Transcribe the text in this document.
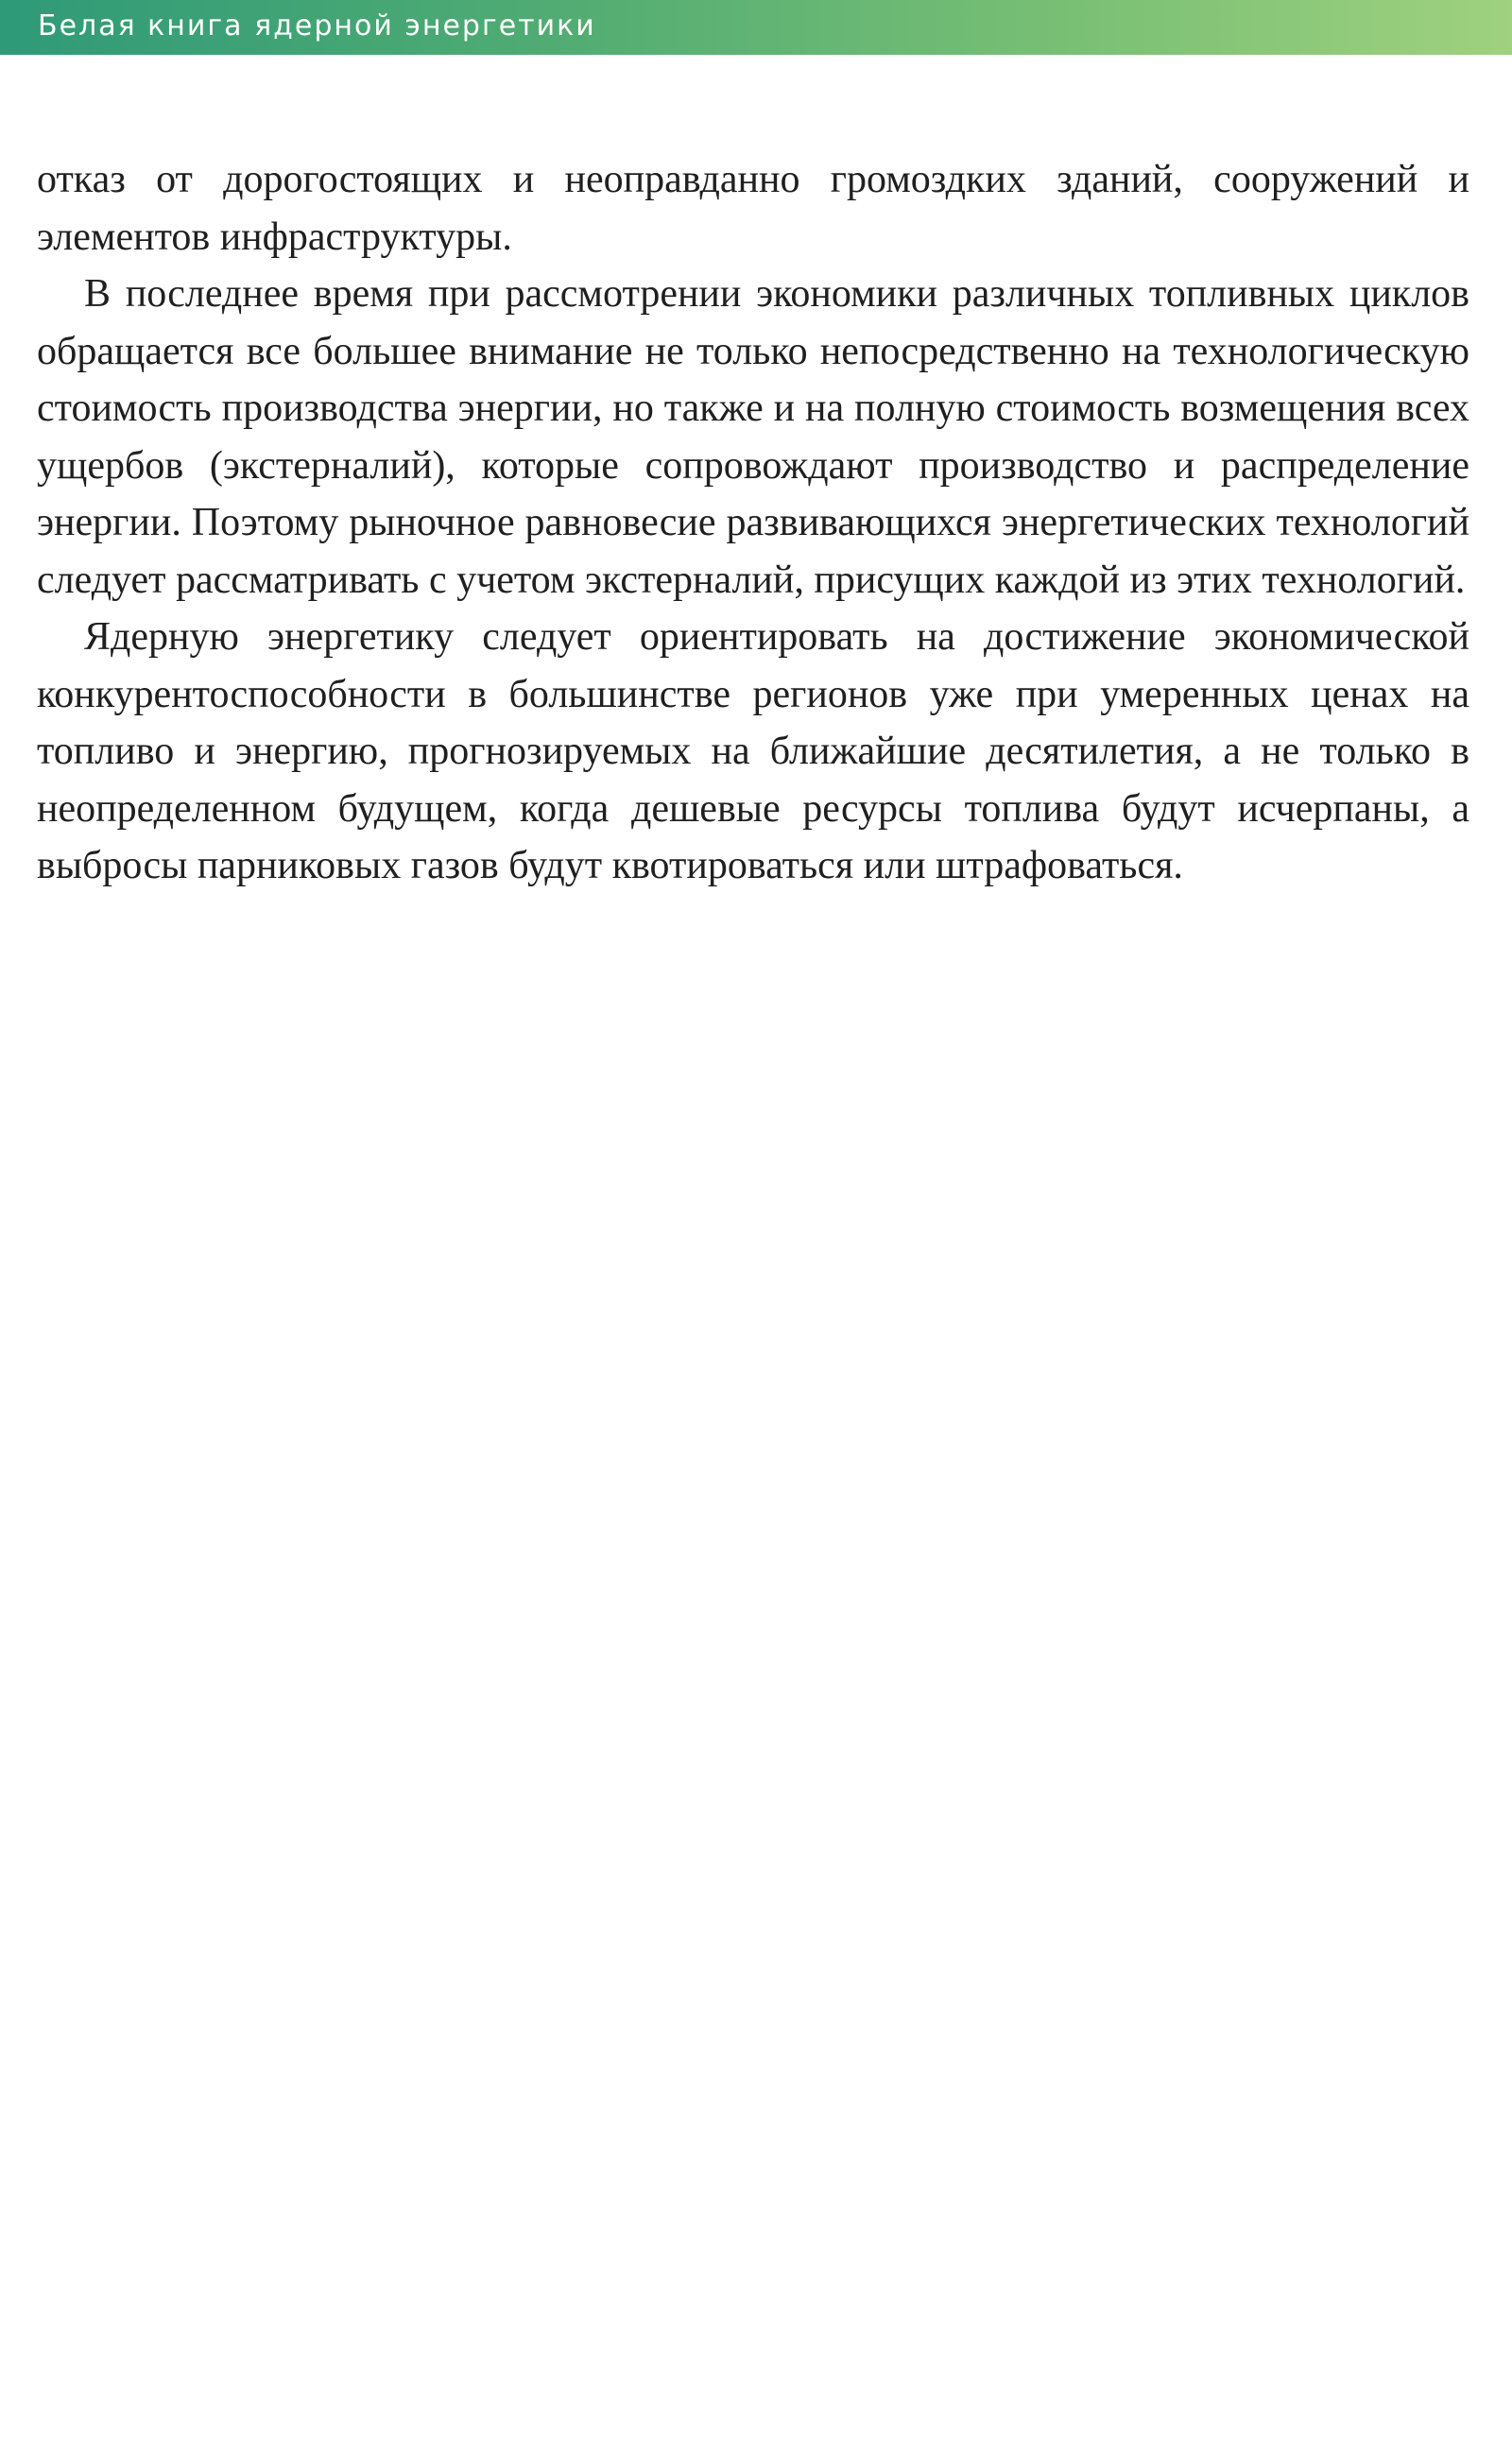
Белая книга ядерной энергетики

отказ от дорогостоящих и неоправданно громоздких зданий, сооружений и элементов инфраструктуры.

В последнее время при рассмотрении экономики различных топливных циклов обращается все большее внимание не только непосредственно на технологическую стоимость производства энергии, но также и на полную стоимость возмещения всех ущербов (экстерналий), которые сопровождают производство и распределение энергии. Поэтому рыночное равновесие развивающихся энергетических технологий следует рассматривать с учетом экстерналий, присущих каждой из этих технологий.

Ядерную энергетику следует ориентировать на достижение экономической конкурентоспособности в большинстве регионов уже при умеренных ценах на топливо и энергию, прогнозируемых на ближайшие десятилетия, а не только в неопределенном будущем, когда дешевые ресурсы топлива будут исчерпаны, а выбросы парниковых газов будут квотироваться или штрафоваться.
